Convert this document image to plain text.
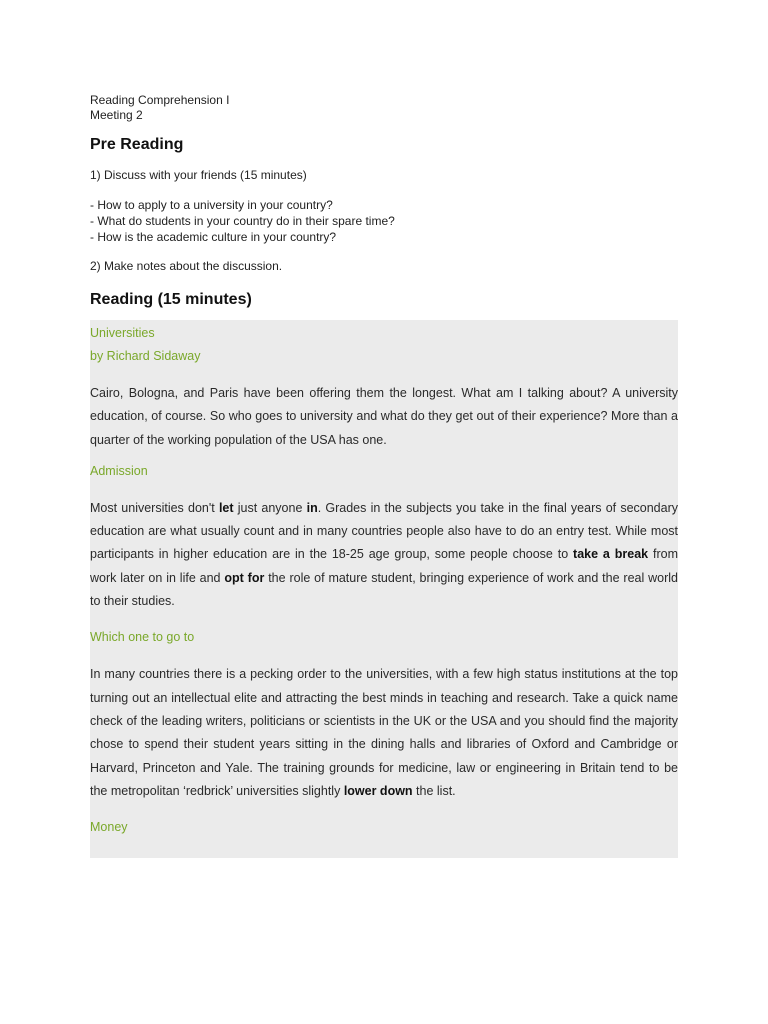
Reading Comprehension I
Meeting 2
Pre Reading
1) Discuss with your friends (15 minutes)
- How to apply to a university in your country?
- What do students in your country do in their spare time?
- How is the academic culture in your country?
2) Make notes about the discussion.
Reading (15 minutes)
Universities
by Richard Sidaway
Cairo, Bologna, and Paris have been offering them the longest. What am I talking about? A university education, of course. So who goes to university and what do they get out of their experience? More than a quarter of the working population of the USA has one.
Admission
Most universities don't let just anyone in. Grades in the subjects you take in the final years of secondary education are what usually count and in many countries people also have to do an entry test. While most participants in higher education are in the 18-25 age group, some people choose to take a break from work later on in life and opt for the role of mature student, bringing experience of work and the real world to their studies.
Which one to go to
In many countries there is a pecking order to the universities, with a few high status institutions at the top turning out an intellectual elite and attracting the best minds in teaching and research. Take a quick name check of the leading writers, politicians or scientists in the UK or the USA and you should find the majority chose to spend their student years sitting in the dining halls and libraries of Oxford and Cambridge or Harvard, Princeton and Yale. The training grounds for medicine, law or engineering in Britain tend to be the metropolitan ‘redbrick’ universities slightly lower down the list.
Money
